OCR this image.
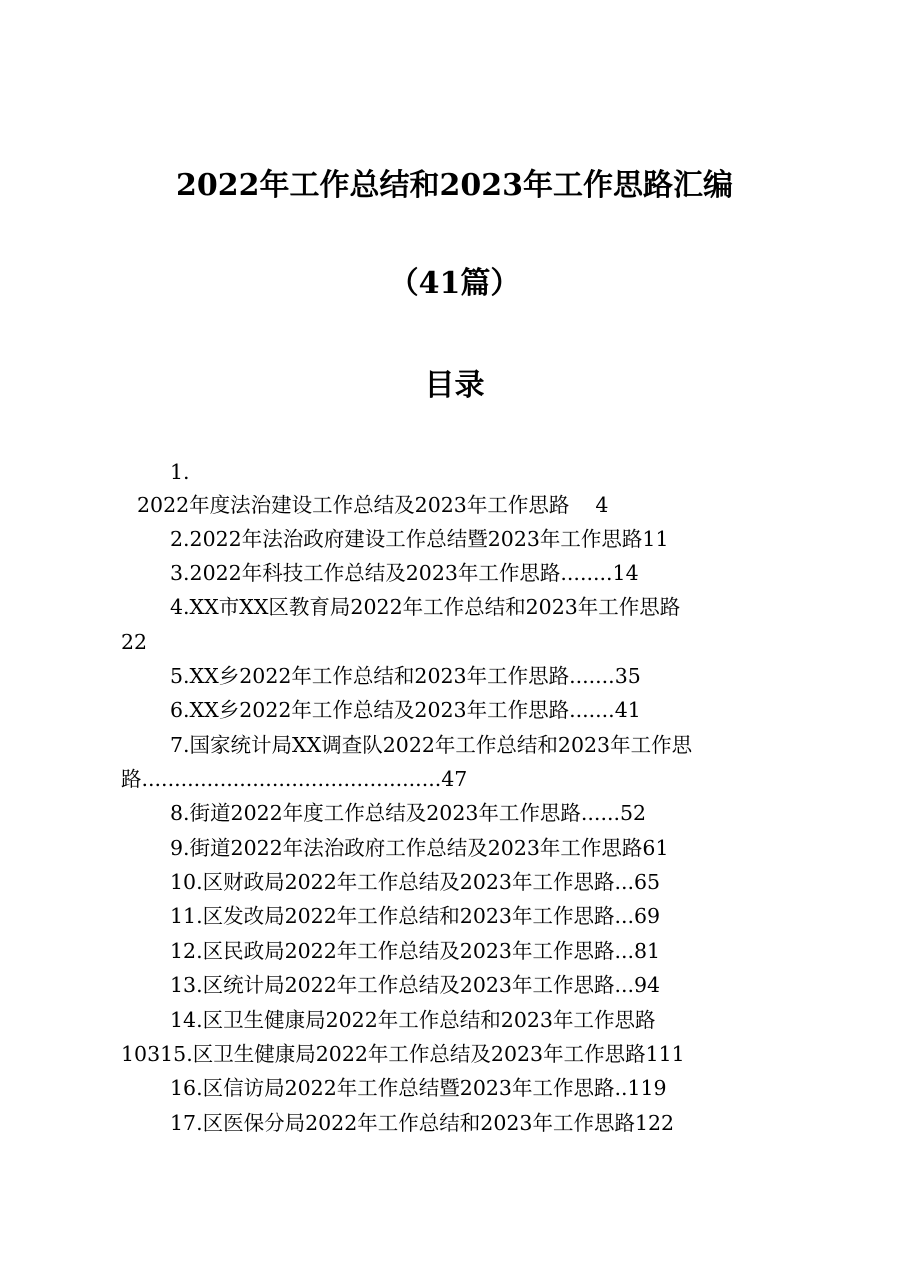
2022年工作总结和2023年工作思路汇编
（41篇）
目录
1.
2022年度法治建设工作总结及2023年工作思路    4
2.2022年法治政府建设工作总结暨2023年工作思路11
3.2022年科技工作总结及2023年工作思路........14
4.XX市XX区教育局2022年工作总结和2023年工作思路
22
5.XX乡2022年工作总结和2023年工作思路.......35
6.XX乡2022年工作总结及2023年工作思路.......41
7.国家统计局XX调查队2022年工作总结和2023年工作思
路..............................................47
8.街道2022年度工作总结及2023年工作思路......52
9.街道2022年法治政府工作总结及2023年工作思路61
10.区财政局2022年工作总结及2023年工作思路...65
11.区发改局2022年工作总结和2023年工作思路...69
12.区民政局2022年工作总结及2023年工作思路...81
13.区统计局2022年工作总结及2023年工作思路...94
14.区卫生健康局2022年工作总结和2023年工作思路
10315.区卫生健康局2022年工作总结及2023年工作思路111
16.区信访局2022年工作总结暨2023年工作思路..119
17.区医保分局2022年工作总结和2023年工作思路122
